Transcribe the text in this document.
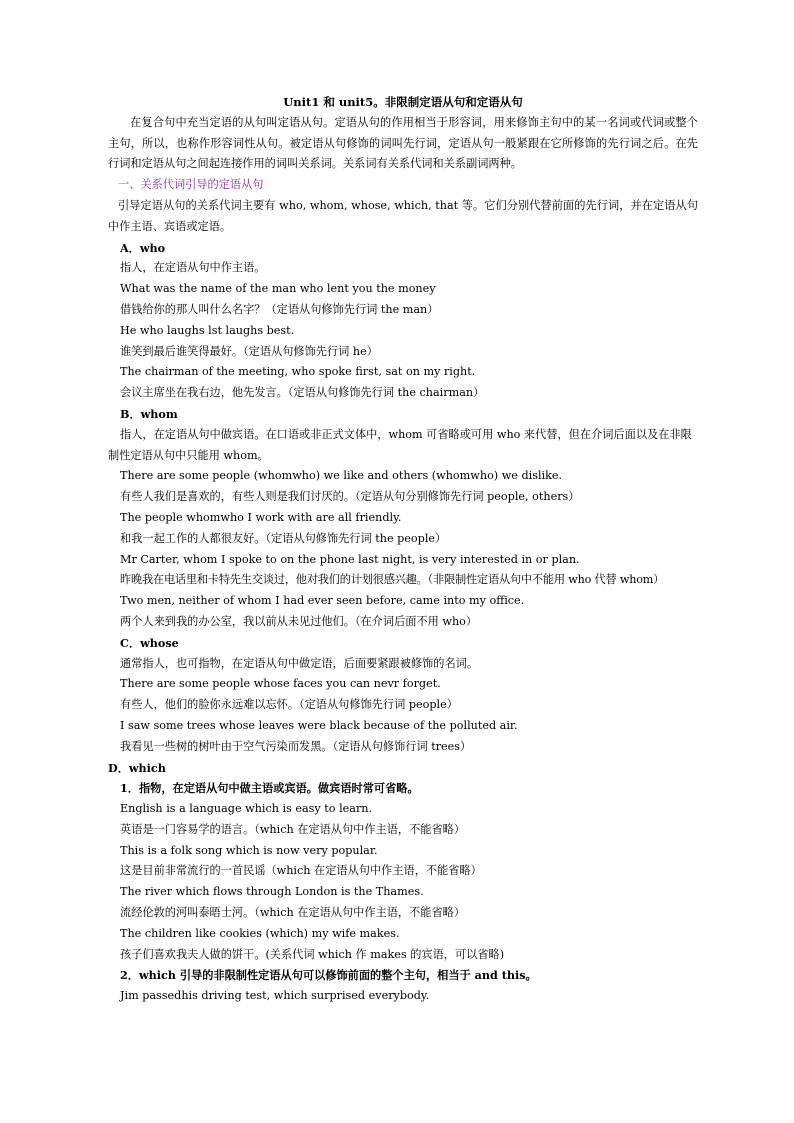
Unit1 和 unit5。非限制定语从句和定语从句

在复合句中充当定语的从句叫定语从句。定语从句的作用相当于形容词，用来修饰主句中的某一名词或代词或整个主句，所以，也称作形容词性从句。被定语从句修饰的词叫先行词，定语从句一般紧跟在它所修饰的先行词之后。在先行词和定语从句之间起连接作用的词叫关系词。关系词有关系代词和关系副词两种。

一、关系代词引导的定语从句

引导定语从句的关系代词主要有 who, whom, whose, which, that 等。它们分别代替前面的先行词，并在定语从句中作主语、宾语或定语。

A．who

指人，在定语从句中作主语。

What was the name of the man who lent you the money

借钱给你的那人叫什么名字？（定语从句修饰先行词 the man）

He who laughs lst laughs best.

谁笑到最后谁笑得最好。（定语从句修饰先行词 he）

The chairman of the meeting, who spoke first, sat on my right.

会议主席坐在我右边，他先发言。（定语从句修饰先行词 the chairman）

B．whom

指人，在定语从句中做宾语。在口语或非正式文体中，whom 可省略或可用 who 来代替，但在介词后面以及在非限制性定语从句中只能用 whom。

There are some people (whomwho) we like and others (whomwho) we dislike.

有些人我们是喜欢的，有些人则是我们讨厌的。（定语从句分别修饰先行词 people, others）

The people whomwho I work with are all friendly.

和我一起工作的人都很友好。（定语从句修饰先行词 the people）

Mr Carter, whom I spoke to on the phone last night, is very interested in or plan.

昨晚我在电话里和卡特先生交谈过，他对我们的计划很感兴趣。（非限制性定语从句中不能用 who 代替 whom）

Two men, neither of whom I had ever seen before, came into my office.

两个人来到我的办公室，我以前从未见过他们。（在介词后面不用 who）

C．whose

通常指人，也可指物，在定语从句中做定语，后面要紧跟被修饰的名词。

There are some people whose faces you can nevr forget.

有些人，他们的脸你永远难以忘怀。（定语从句修饰先行词 people）

I saw some trees whose leaves were black because of the polluted air.

我看见一些树的树叶由于空气污染而发黑。（定语从句修饰行词 trees）

D．which

1．指物，在定语从句中做主语或宾语。做宾语时常可省略。

English is a language which is easy to learn.

英语是一门容易学的语言。（which 在定语从句中作主语，不能省略）

This is a folk song which is now very popular.

这是目前非常流行的一首民谣（which 在定语从句中作主语，不能省略）

The river which flows through London is the Thames.

流经伦敦的河叫泰晤士河。（which 在定语从句中作主语，不能省略）

The children like cookies (which) my wife makes.

孩子们喜欢我夫人做的饼干。(关系代词 which 作 makes 的宾语，可以省略)

2．which 引导的非限制性定语从句可以修饰前面的整个主句，相当于 and this。

Jim passedhis driving test, which surprised everybody.
